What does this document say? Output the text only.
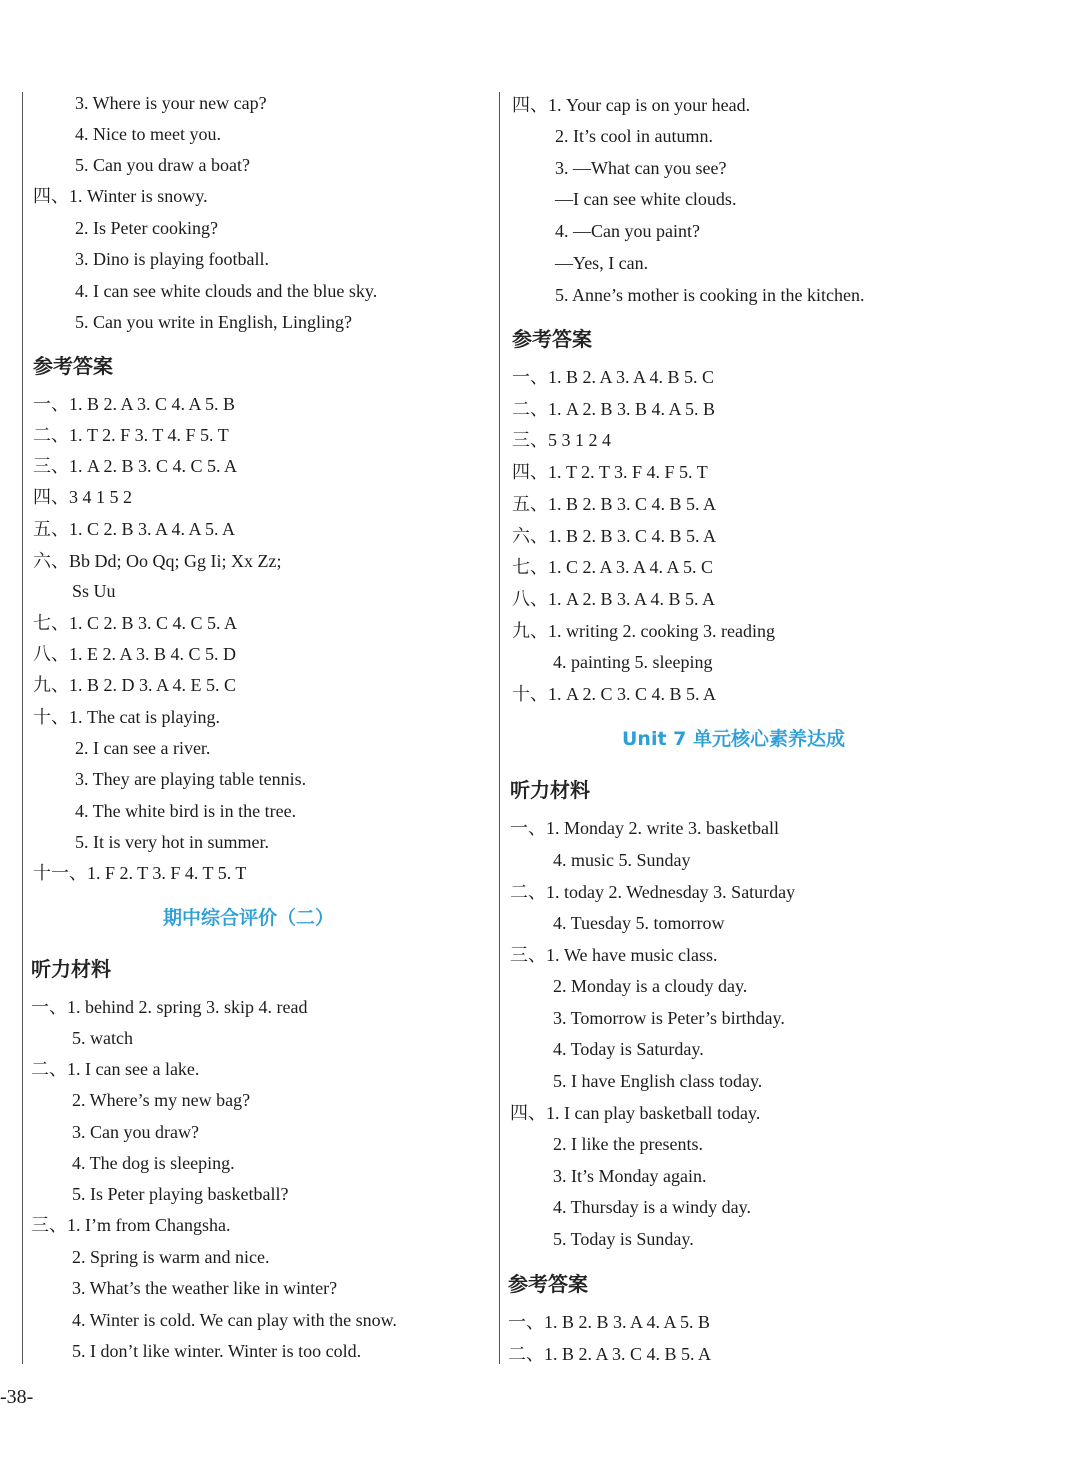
3. Where is your new cap?
4. Nice to meet you.
5. Can you draw a boat?
四、1. Winter is snowy.
2. Is Peter cooking?
3. Dino is playing football.
4. I can see white clouds and the blue sky.
5. Can you write in English, Lingling?
参考答案
一、1. B 2. A 3. C 4. A 5. B
二、1. T 2. F 3. T 4. F 5. T
三、1. A 2. B 3. C 4. C 5. A
四、3 4 1 5 2
五、1. C 2. B 3. A 4. A 5. A
六、Bb Dd; Oo Qq; Gg Ii; Xx Zz;
Ss Uu
七、1. C 2. B 3. C 4. C 5. A
八、1. E 2. A 3. B 4. C 5. D
九、1. B 2. D 3. A 4. E 5. C
十、1. The cat is playing.
2. I can see a river.
3. They are playing table tennis.
4. The white bird is in the tree.
5. It is very hot in summer.
十一、1. F 2. T 3. F 4. T 5. T
期中综合评价（二）
听力材料
一、1. behind 2. spring 3. skip 4. read
5. watch
二、1. I can see a lake.
2. Where’s my new bag?
3. Can you draw?
4. The dog is sleeping.
5. Is Peter playing basketball?
三、1. I’m from Changsha.
2. Spring is warm and nice.
3. What’s the weather like in winter?
4. Winter is cold. We can play with the snow.
5. I don’t like winter. Winter is too cold.
-38-
四、1. Your cap is on your head.
2. It’s cool in autumn.
3. —What can you see?
—I can see white clouds.
4. —Can you paint?
—Yes, I can.
5. Anne’s mother is cooking in the kitchen.
参考答案
一、1. B 2. A 3. A 4. B 5. C
二、1. A 2. B 3. B 4. A 5. B
三、5 3 1 2 4
四、1. T 2. T 3. F 4. F 5. T
五、1. B 2. B 3. C 4. B 5. A
六、1. B 2. B 3. C 4. B 5. A
七、1. C 2. A 3. A 4. A 5. C
八、1. A 2. B 3. A 4. B 5. A
九、1. writing 2. cooking 3. reading
4. painting 5. sleeping
十、1. A 2. C 3. C 4. B 5. A
Unit 7 单元核心素养达成
听力材料
一、1. Monday 2. write 3. basketball
4. music 5. Sunday
二、1. today 2. Wednesday 3. Saturday
4. Tuesday 5. tomorrow
三、1. We have music class.
2. Monday is a cloudy day.
3. Tomorrow is Peter’s birthday.
4. Today is Saturday.
5. I have English class today.
四、1. I can play basketball today.
2. I like the presents.
3. It’s Monday again.
4. Thursday is a windy day.
5. Today is Sunday.
参考答案
一、1. B 2. B 3. A 4. A 5. B
二、1. B 2. A 3. C 4. B 5. A
